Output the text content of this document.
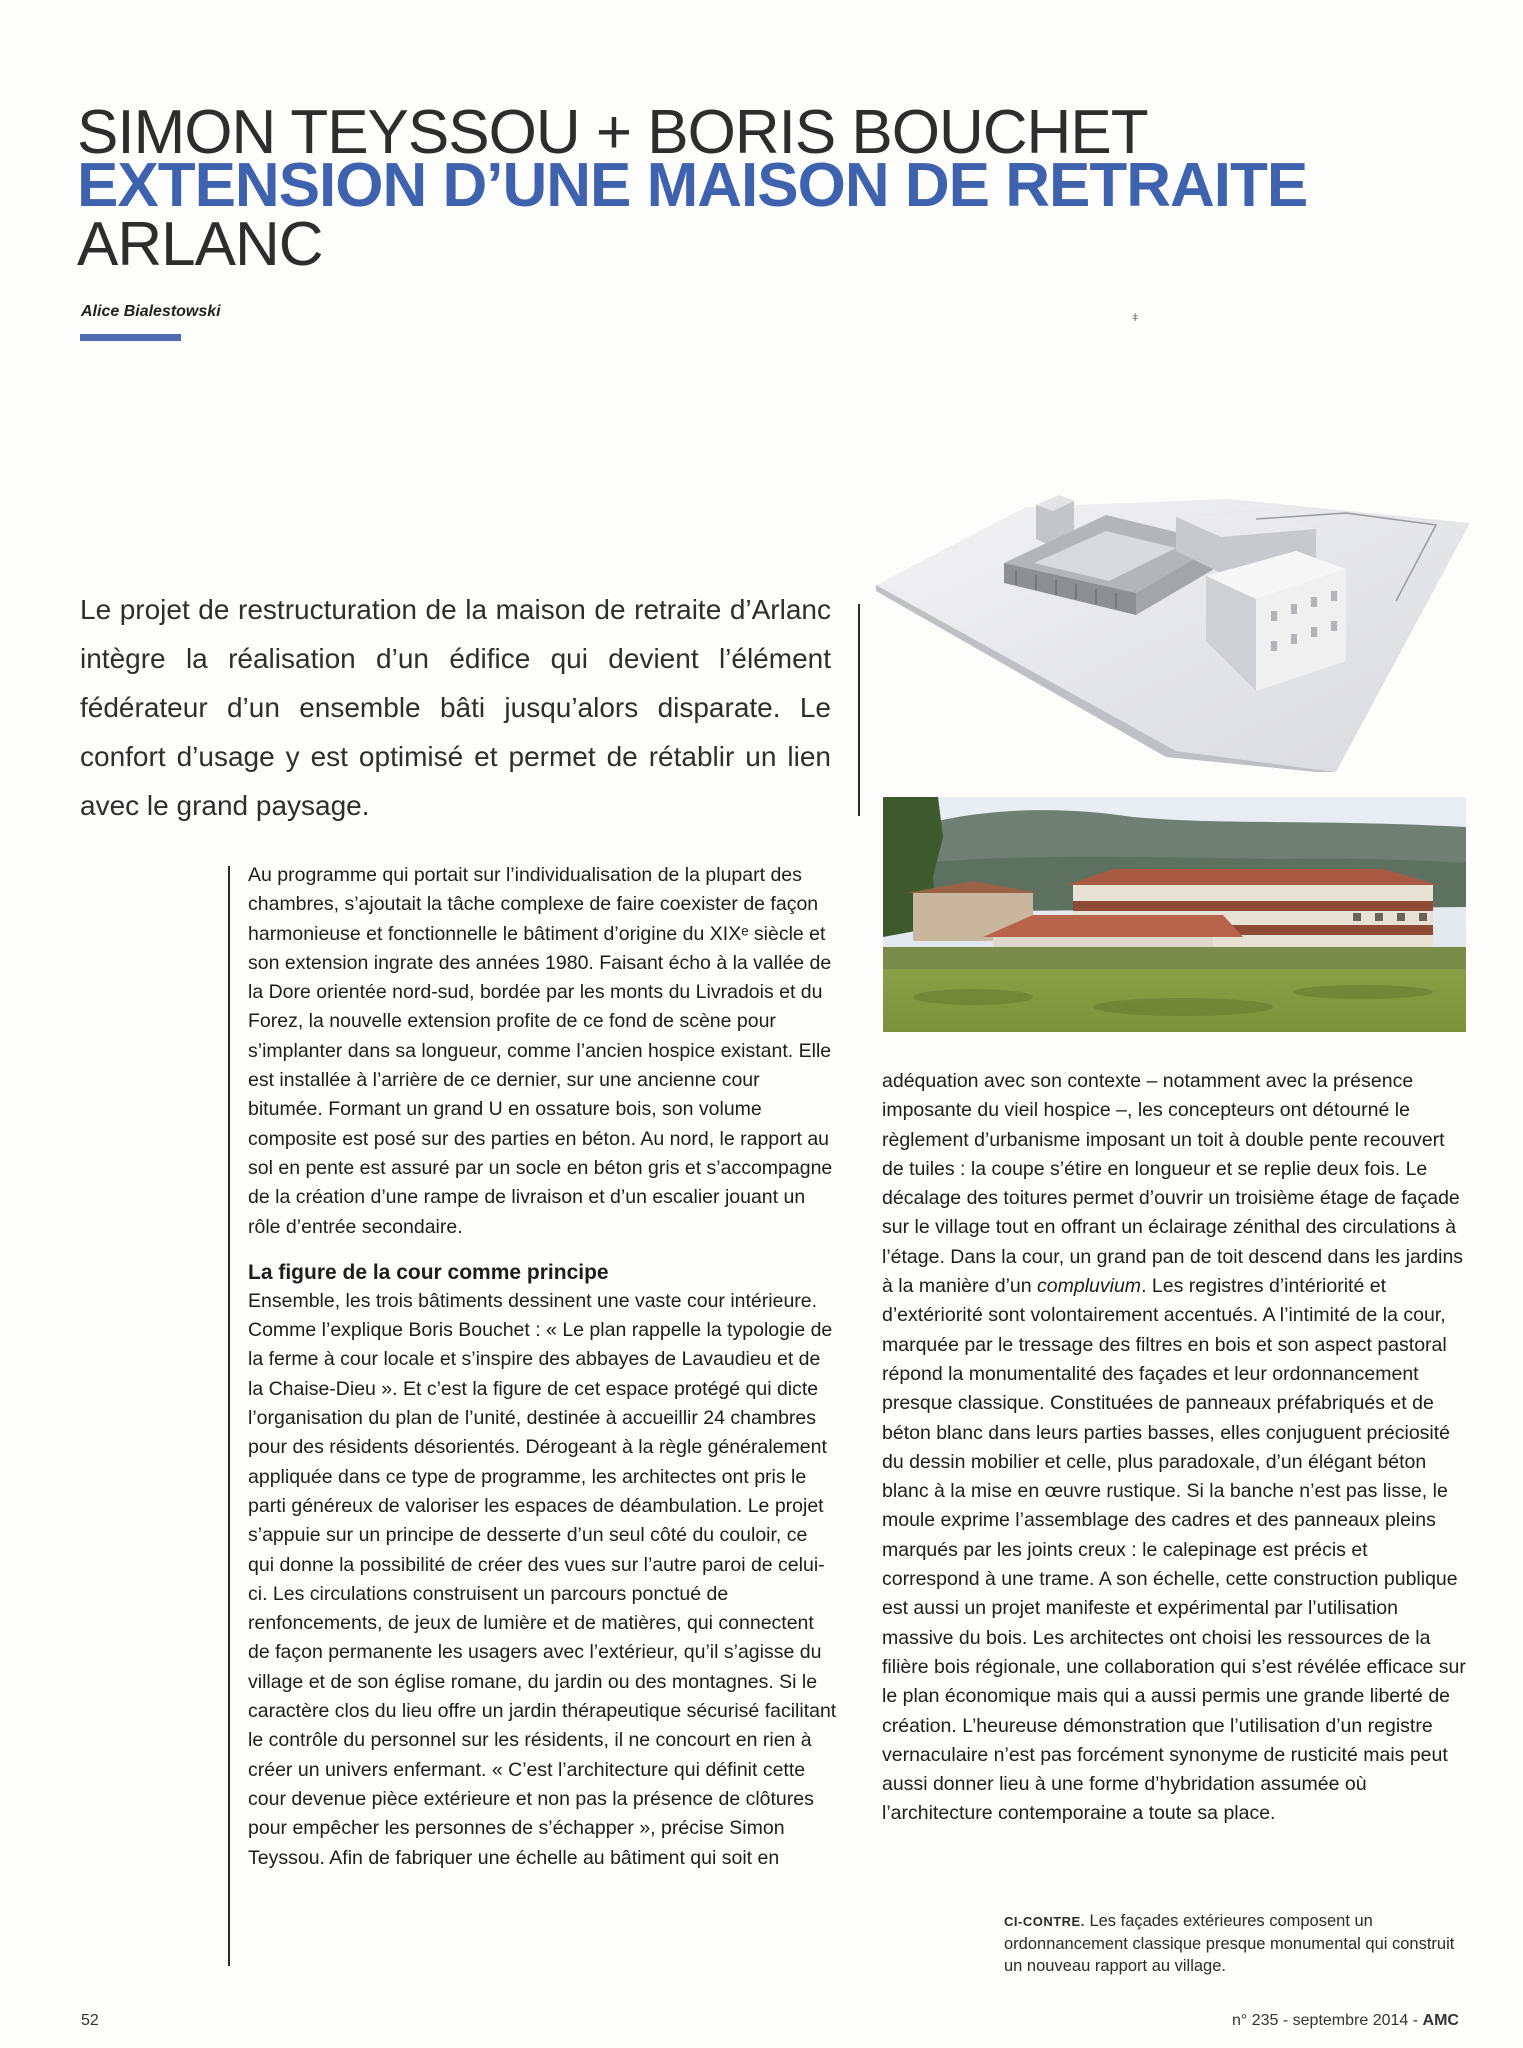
SIMON TEYSSOU + BORIS BOUCHET
EXTENSION D’UNE MAISON DE RETRAITE
ARLANC
Alice Bialestowski	ǂ

Le projet de restructuration de la maison de retraite d’Arlanc intègre la réalisation d’un édifice qui devient l’élément fédérateur d’un ensemble bâti jusqu’alors disparate. Le confort d’usage y est optimisé et permet de rétablir un lien avec le grand paysage.

Au programme qui portait sur l’individualisation de la plupart des chambres, s’ajoutait la tâche complexe de faire coexister de façon harmonieuse et fonctionnelle le bâtiment d’origine du XIXᵉ siècle et son extension ingrate des années 1980. Faisant écho à la vallée de la Dore orientée nord-sud, bordée par les monts du Livradois et du Forez, la nouvelle extension profite de ce fond de scène pour s’implanter dans sa longueur, comme l’ancien hospice existant. Elle est installée à l’arrière de ce dernier, sur une ancienne cour bitumée. Formant un grand U en ossature bois, son volume composite est posé sur des parties en béton. Au nord, le rapport au sol en pente est assuré par un socle en béton gris et s’accompagne de la création d’une rampe de livraison et d’un escalier jouant un rôle d’entrée secondaire.

La figure de la cour comme principe

Ensemble, les trois bâtiments dessinent une vaste cour intérieure. Comme l’explique Boris Bouchet : « Le plan rappelle la typologie de la ferme à cour locale et s’inspire des abbayes de Lavaudieu et de la Chaise-Dieu ». Et c’est la figure de cet espace protégé qui dicte l’organisation du plan de l’unité, destinée à accueillir 24 chambres pour des résidents désorientés. Dérogeant à la règle généralement appliquée dans ce type de programme, les architectes ont pris le parti généreux de valoriser les espaces de déambulation. Le projet s’appuie sur un principe de desserte d’un seul côté du couloir, ce qui donne la possibilité de créer des vues sur l’autre paroi de celui-ci. Les circulations construisent un parcours ponctué de renfoncements, de jeux de lumière et de matières, qui connectent de façon permanente les usagers avec l’extérieur, qu’il s’agisse du village et de son église romane, du jardin ou des montagnes. Si le caractère clos du lieu offre un jardin thérapeutique sécurisé facilitant le contrôle du personnel sur les résidents, il ne concourt en rien à créer un univers enfermant. « C’est l’architecture qui définit cette cour devenue pièce extérieure et non pas la présence de clôtures pour empêcher les personnes de s’échapper », précise Simon Teyssou. Afin de fabriquer une échelle au bâtiment qui soit en

adéquation avec son contexte – notamment avec la présence imposante du vieil hospice –, les concepteurs ont détourné le règlement d’urbanisme imposant un toit à double pente recouvert de tuiles : la coupe s’étire en longueur et se replie deux fois. Le décalage des toitures permet d’ouvrir un troisième étage de façade sur le village tout en offrant un éclairage zénithal des circulations à l’étage. Dans la cour, un grand pan de toit descend dans les jardins à la manière d’un compluvium. Les registres d’intériorité et d’extériorité sont volontairement accentués. A l’intimité de la cour, marquée par le tressage des filtres en bois et son aspect pastoral répond la monumentalité des façades et leur ordonnancement presque classique. Constituées de panneaux préfabriqués et de béton blanc dans leurs parties basses, elles conjuguent préciosité du dessin mobilier et celle, plus paradoxale, d’un élégant béton blanc à la mise en œuvre rustique. Si la banche n’est pas lisse, le moule exprime l’assemblage des cadres et des panneaux pleins marqués par les joints creux : le calepinage est précis et correspond à une trame. A son échelle, cette construction publique est aussi un projet manifeste et expérimental par l’utilisation massive du bois. Les architectes ont choisi les ressources de la filière bois régionale, une collaboration qui s’est révélée efficace sur le plan économique mais qui a aussi permis une grande liberté de création. L’heureuse démonstration que l’utilisation d’un registre vernaculaire n’est pas forcément synonyme de rusticité mais peut aussi donner lieu à une forme d’hybridation assumée où l’architecture contemporaine a toute sa place.

CI-CONTRE. Les façades extérieures composent un ordonnancement classique presque monumental qui construit un nouveau rapport au village.
52	n° 235 - septembre 2014 - AMC
